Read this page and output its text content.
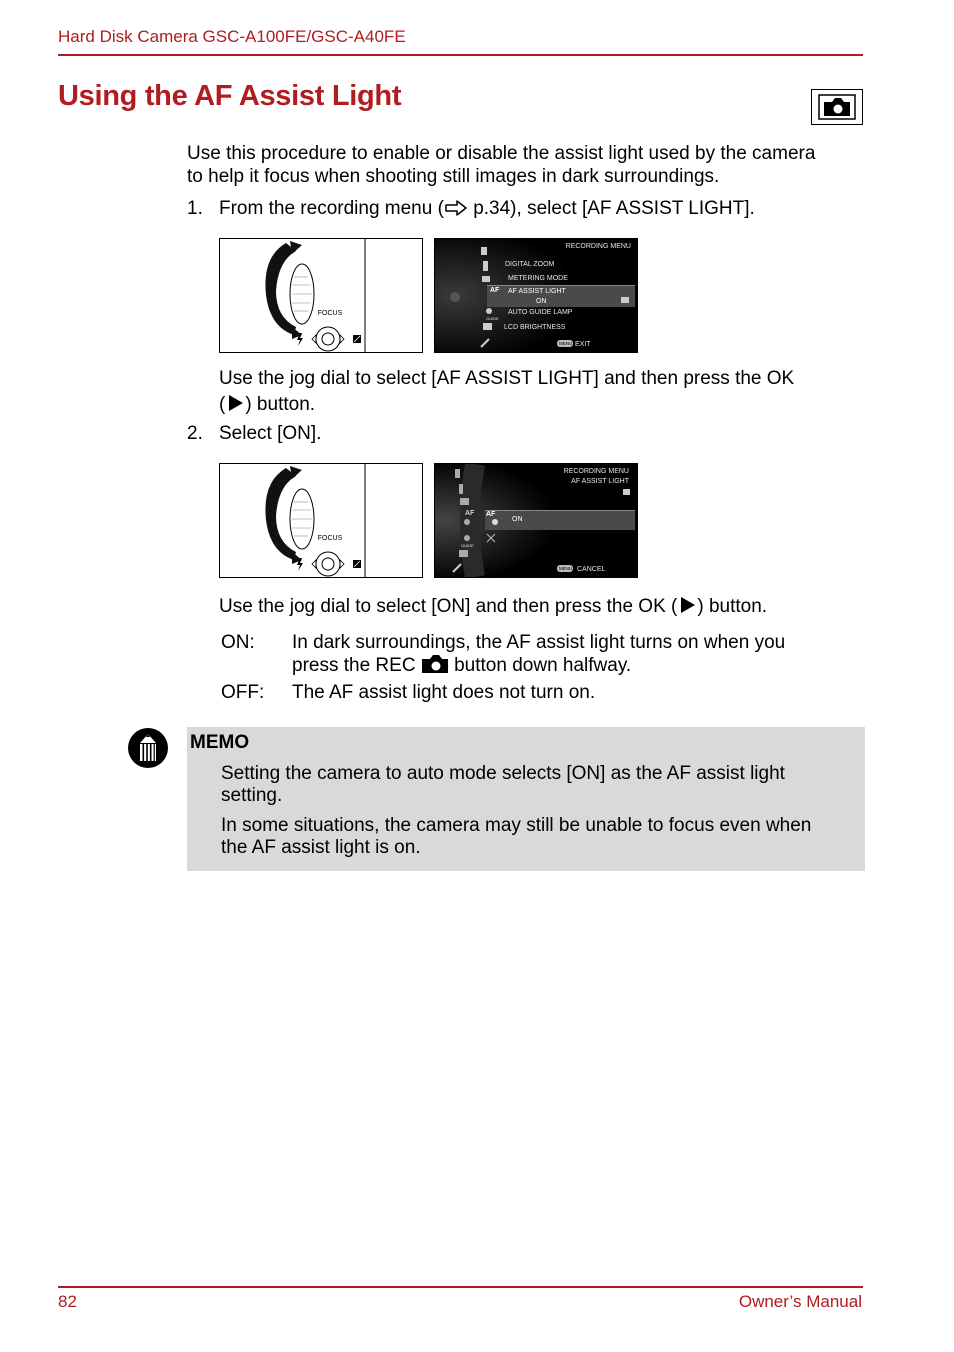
Hard Disk Camera GSC-A100FE/GSC-A40FE
Using the AF Assist Light
Use this procedure to enable or disable the assist light used by the camera
to help it focus when shooting still images in dark surroundings.
1. From the recording menu ( p.34), select [AF ASSIST LIGHT].
FOCUS
RECORDING MENU
DIGITAL ZOOM
METERING MODE
AF AF ASSIST LIGHT
ON
AUTO GUIDE LAMP
GUIDE
LCD BRIGHTNESS
MENU EXIT
Use the jog dial to select [AF ASSIST LIGHT] and then press the OK
( ) button.
2. Select [ON].
FOCUS
RECORDING MENU
AF ASSIST LIGHT
AF AF
ON
GUIDE
MENU CANCEL
Use the jog dial to select [ON] and then press the OK ( ) button.
ON: In dark surroundings, the AF assist light turns on when you
press the REC  button down halfway.
OFF: The AF assist light does not turn on.
MEMO
Setting the camera to auto mode selects [ON] as the AF assist light
setting.
In some situations, the camera may still be unable to focus even when
the AF assist light is on.
82	Owner’s Manual
